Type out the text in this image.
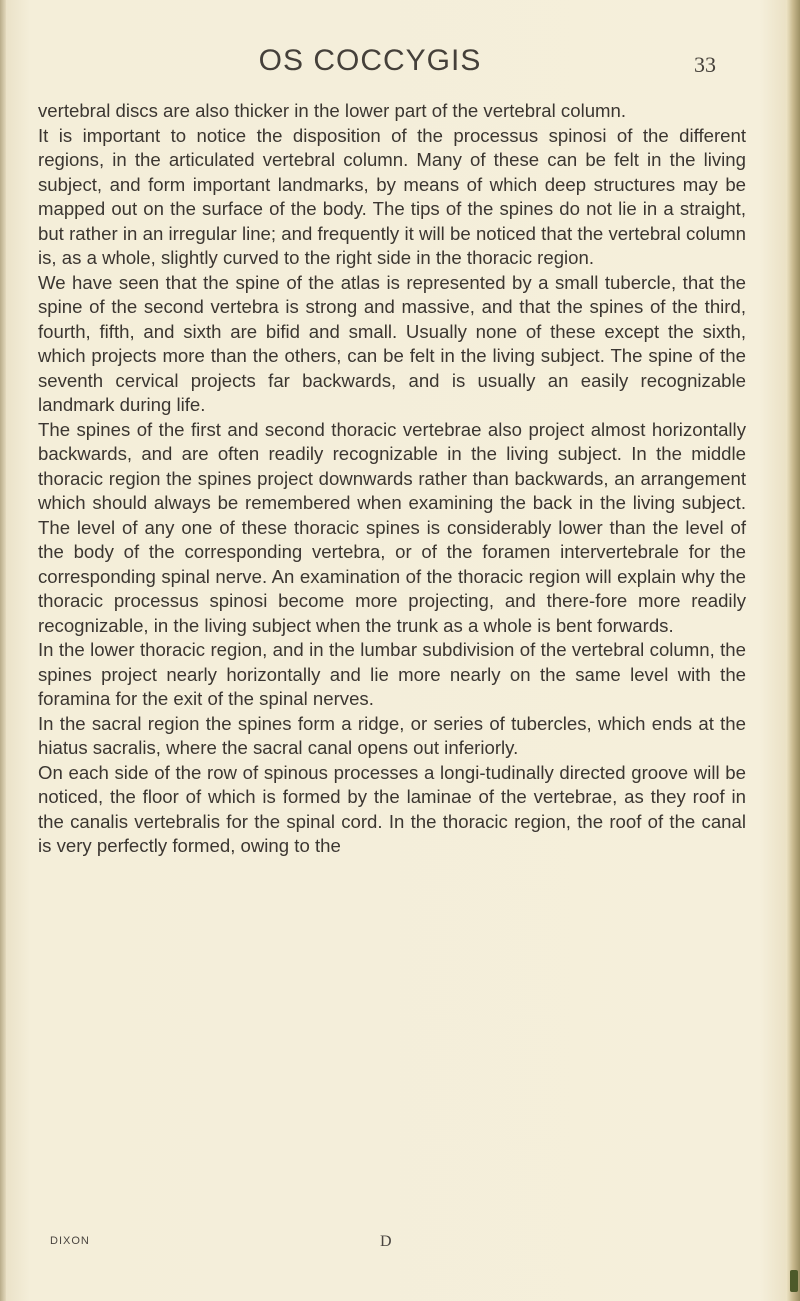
OS COCCYGIS	33

vertebral discs are also thicker in the lower part of the vertebral column.

It is important to notice the disposition of the processus spinosi of the different regions, in the articulated vertebral column. Many of these can be felt in the living subject, and form important landmarks, by means of which deep structures may be mapped out on the surface of the body. The tips of the spines do not lie in a straight, but rather in an irregular line; and frequently it will be noticed that the vertebral column is, as a whole, slightly curved to the right side in the thoracic region.

We have seen that the spine of the atlas is represented by a small tubercle, that the spine of the second vertebra is strong and massive, and that the spines of the third, fourth, fifth, and sixth are bifid and small. Usually none of these except the sixth, which projects more than the others, can be felt in the living subject. The spine of the seventh cervical projects far backwards, and is usually an easily recognizable landmark during life.

The spines of the first and second thoracic vertebrae also project almost horizontally backwards, and are often readily recognizable in the living subject. In the middle thoracic region the spines project downwards rather than backwards, an arrangement which should always be remembered when examining the back in the living subject. The level of any one of these thoracic spines is considerably lower than the level of the body of the corresponding vertebra, or of the foramen intervertebrale for the corresponding spinal nerve. An examination of the thoracic region will explain why the thoracic processus spinosi become more projecting, and there-fore more readily recognizable, in the living subject when the trunk as a whole is bent forwards.

In the lower thoracic region, and in the lumbar subdivision of the vertebral column, the spines project nearly horizontally and lie more nearly on the same level with the foramina for the exit of the spinal nerves.

In the sacral region the spines form a ridge, or series of tubercles, which ends at the hiatus sacralis, where the sacral canal opens out inferiorly.

On each side of the row of spinous processes a longi-tudinally directed groove will be noticed, the floor of which is formed by the laminae of the vertebrae, as they roof in the canalis vertebralis for the spinal cord. In the thoracic region, the roof of the canal is very perfectly formed, owing to the

DIXON	D
